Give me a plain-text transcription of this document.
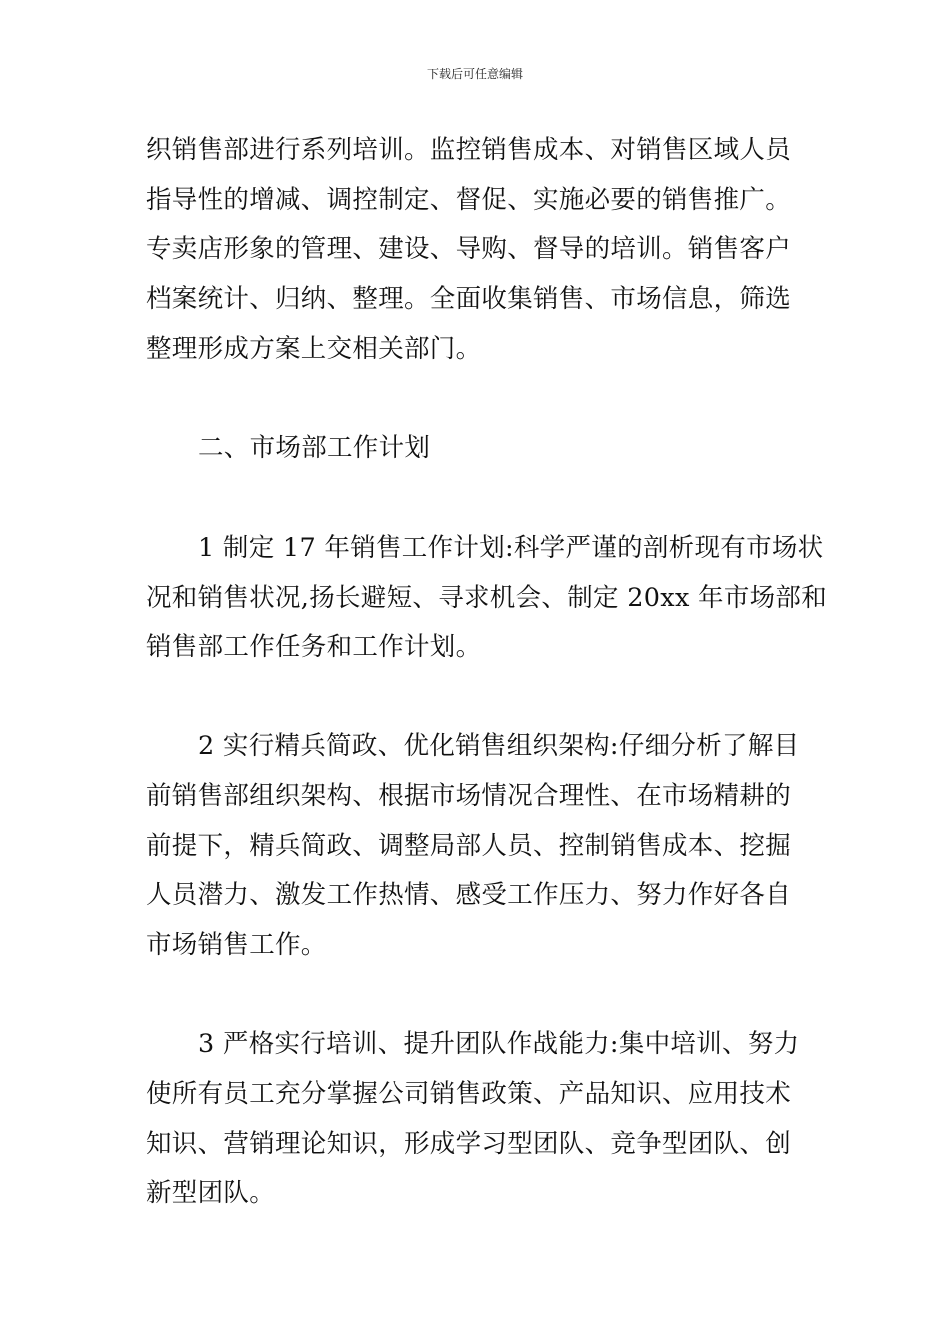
下载后可任意编辑
织销售部进行系列培训。监控销售成本、对销售区域人员
指导性的增减、调控制定、督促、实施必要的销售推广。
专卖店形象的管理、建设、导购、督导的培训。销售客户
档案统计、归纳、整理。全面收集销售、市场信息，筛选
整理形成方案上交相关部门。
二、市场部工作计划
1 制定 17 年销售工作计划:科学严谨的剖析现有市场状
况和销售状况,扬长避短、寻求机会、制定 20xx 年市场部和
销售部工作任务和工作计划。
2 实行精兵简政、优化销售组织架构:仔细分析了解目
前销售部组织架构、根据市场情况合理性、在市场精耕的
前提下，精兵简政、调整局部人员、控制销售成本、挖掘
人员潜力、激发工作热情、感受工作压力、努力作好各自
市场销售工作。
3 严格实行培训、提升团队作战能力:集中培训、努力
使所有员工充分掌握公司销售政策、产品知识、应用技术
知识、营销理论知识，形成学习型团队、竞争型团队、创
新型团队。
